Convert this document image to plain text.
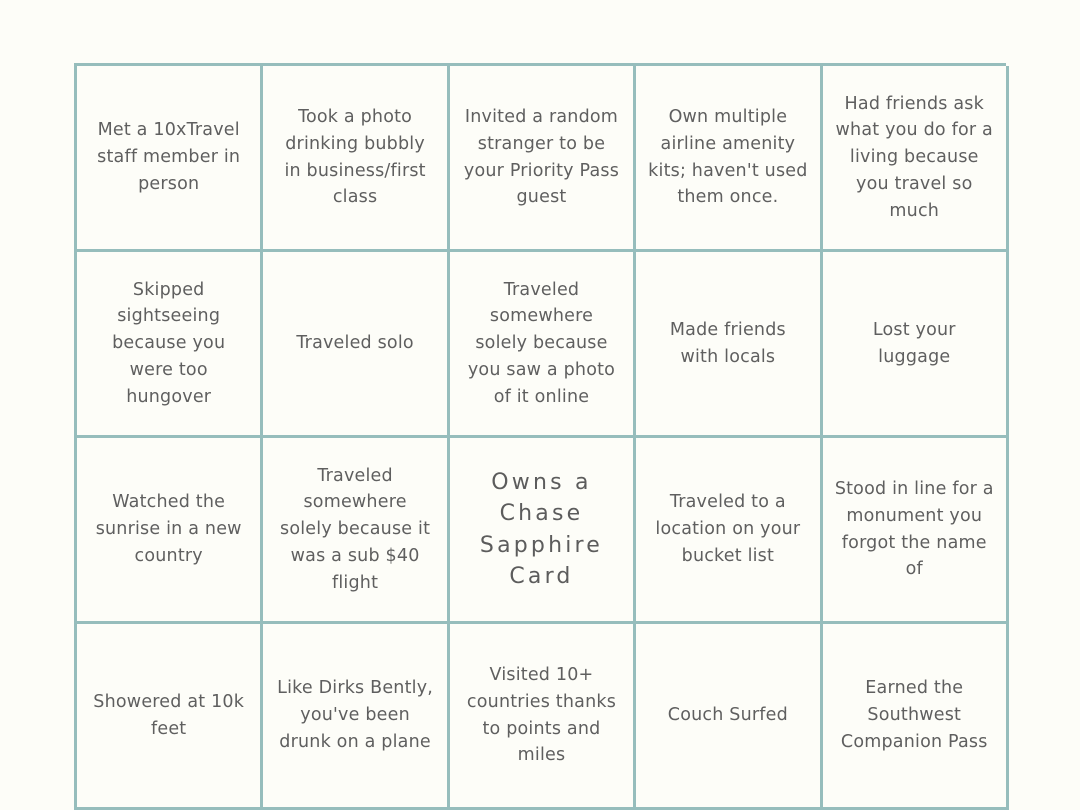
Met a 10xTravel staff member in person
Took a photo drinking bubbly in business/first class
Invited a random stranger to be your Priority Pass guest
Own multiple airline amenity kits; haven't used them once.
Had friends ask what you do for a living because you travel so much
Skipped sightseeing because you were too hungover
Traveled solo
Traveled somewhere solely because you saw a photo of it online
Made friends with locals
Lost your luggage
Watched the sunrise in a new country
Traveled somewhere solely because it was a sub $40 flight
Owns a Chase Sapphire Card
Traveled to a location on your bucket list
Stood in line for a monument you forgot the name of
Showered at 10k feet
Like Dirks Bently, you've been drunk on a plane
Visited 10+ countries thanks to points and miles
Couch Surfed
Earned the Southwest Companion Pass
